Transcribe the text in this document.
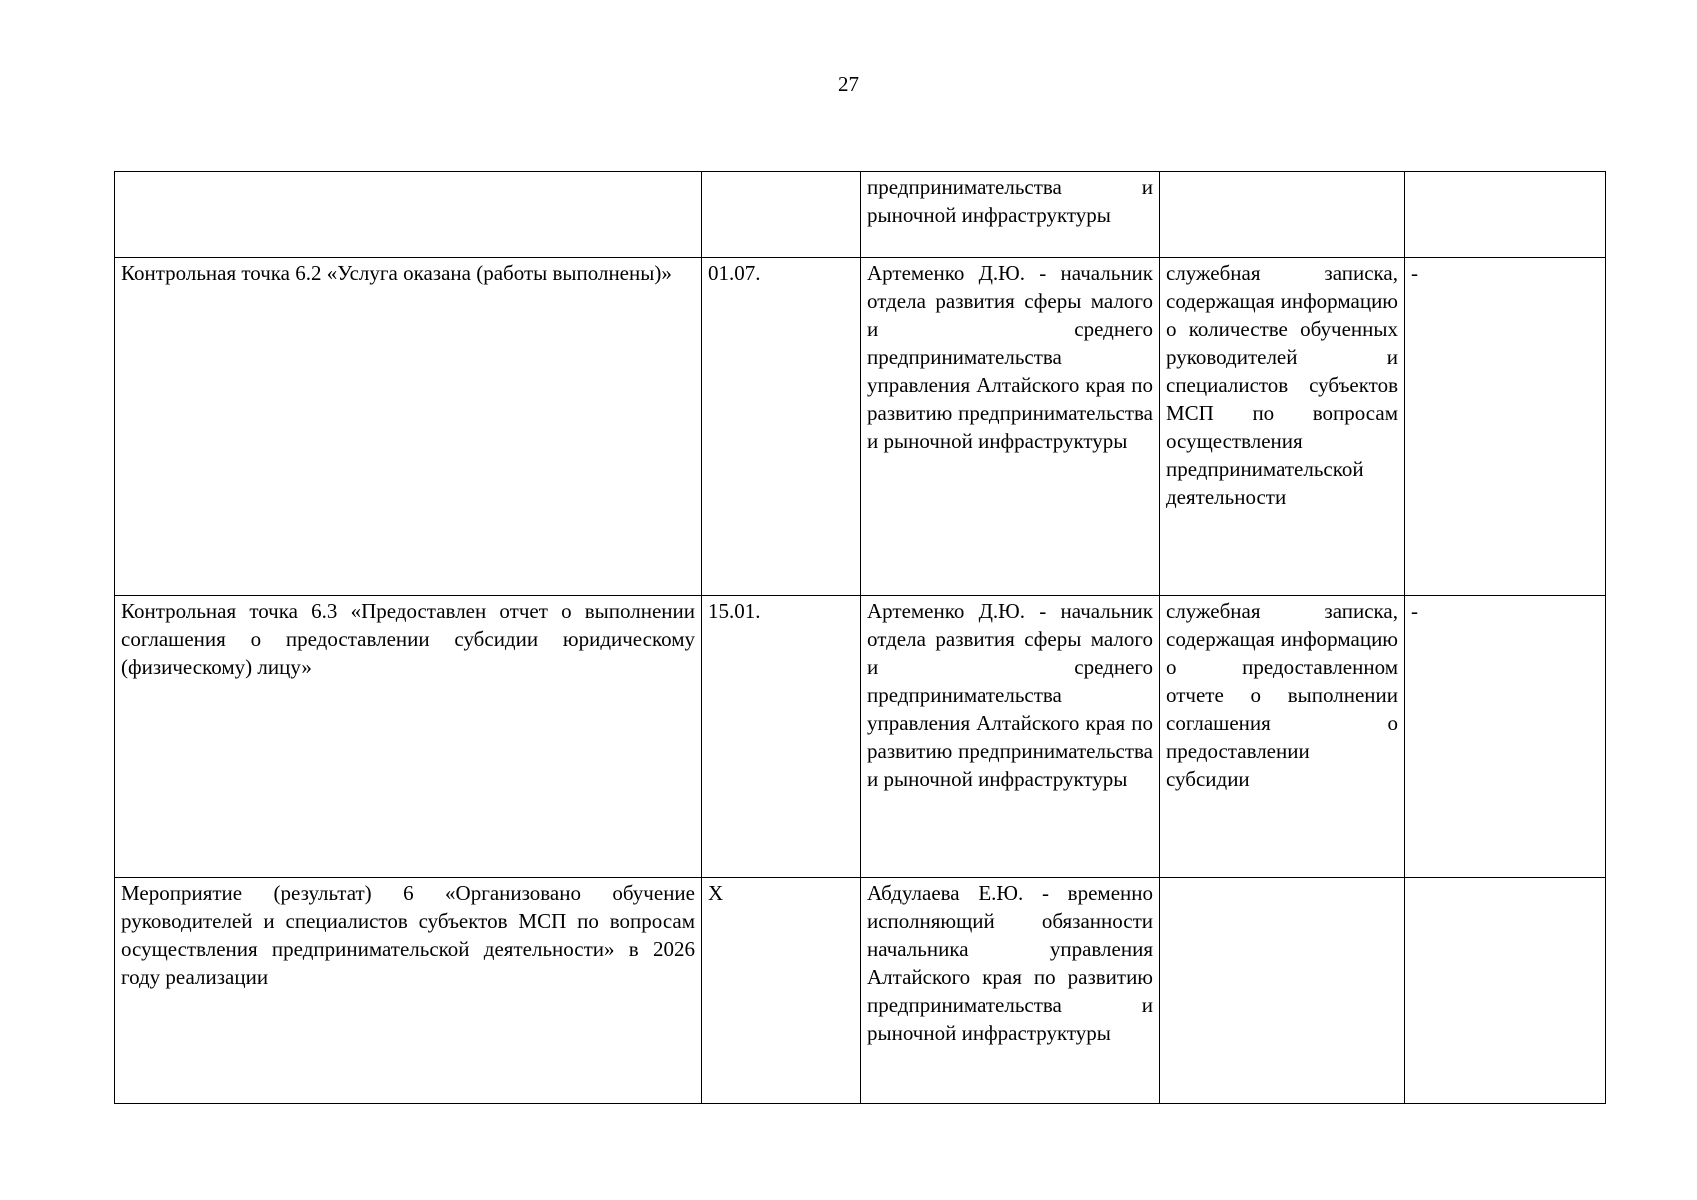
27

		предпринимательства и рыночной инфраструктуры		

Контрольная точка 6.2 «Услуга оказана (работы выполнены)»	01.07.	Артеменко Д.Ю. - начальник отдела развития сферы малого и среднего предпринимательства управления Алтайского края по развитию предпринимательства и рыночной инфраструктуры	служебная записка, содержащая информацию о количестве обученных руководителей и специалистов субъектов МСП по вопросам осуществления предпринимательской деятельности	-

Контрольная точка 6.3 «Предоставлен отчет о выполнении соглашения о предоставлении субсидии юридическому (физическому) лицу»	15.01.	Артеменко Д.Ю. - начальник отдела развития сферы малого и среднего предпринимательства управления Алтайского края по развитию предпринимательства и рыночной инфраструктуры	служебная записка, содержащая информацию о предоставленном отчете о выполнении соглашения о предоставлении субсидии	-

Мероприятие (результат) 6 «Организовано обучение руководителей и специалистов субъектов МСП по вопросам осуществления предпринимательской деятельности» в 2026 году реализации	Х	Абдулаева Е.Ю. - временно исполняющий обязанности начальника управления Алтайского края по развитию предпринимательства и рыночной инфраструктуры		
